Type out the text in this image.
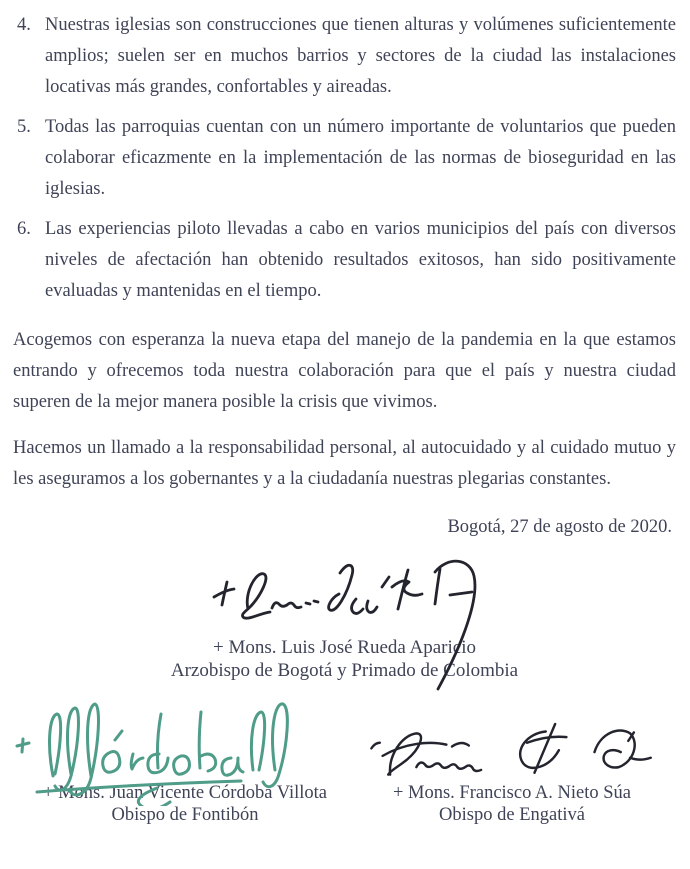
4. Nuestras iglesias son construcciones que tienen alturas y volúmenes suficientemente amplios; suelen ser en muchos barrios y sectores de la ciudad las instalaciones locativas más grandes, confortables y aireadas.
5. Todas las parroquias cuentan con un número importante de voluntarios que pueden colaborar eficazmente en la implementación de las normas de bioseguridad en las iglesias.
6. Las experiencias piloto llevadas a cabo en varios municipios del país con diversos niveles de afectación han obtenido resultados exitosos, han sido positivamente evaluadas y mantenidas en el tiempo.

Acogemos con esperanza la nueva etapa del manejo de la pandemia en la que estamos entrando y ofrecemos toda nuestra colaboración para que el país y nuestra ciudad superen de la mejor manera posible la crisis que vivimos.

Hacemos un llamado a la responsabilidad personal, al autocuidado y al cuidado mutuo y les aseguramos a los gobernantes y a la ciudadanía nuestras plegarias constantes.

Bogotá, 27 de agosto de 2020.

+ Mons. Luis José Rueda Aparicio
Arzobispo de Bogotá y Primado de Colombia
+ Mons. Juan Vicente Córdoba Villota
Obispo de Fontibón
+ Mons. Francisco A. Nieto Súa
Obispo de Engativá
